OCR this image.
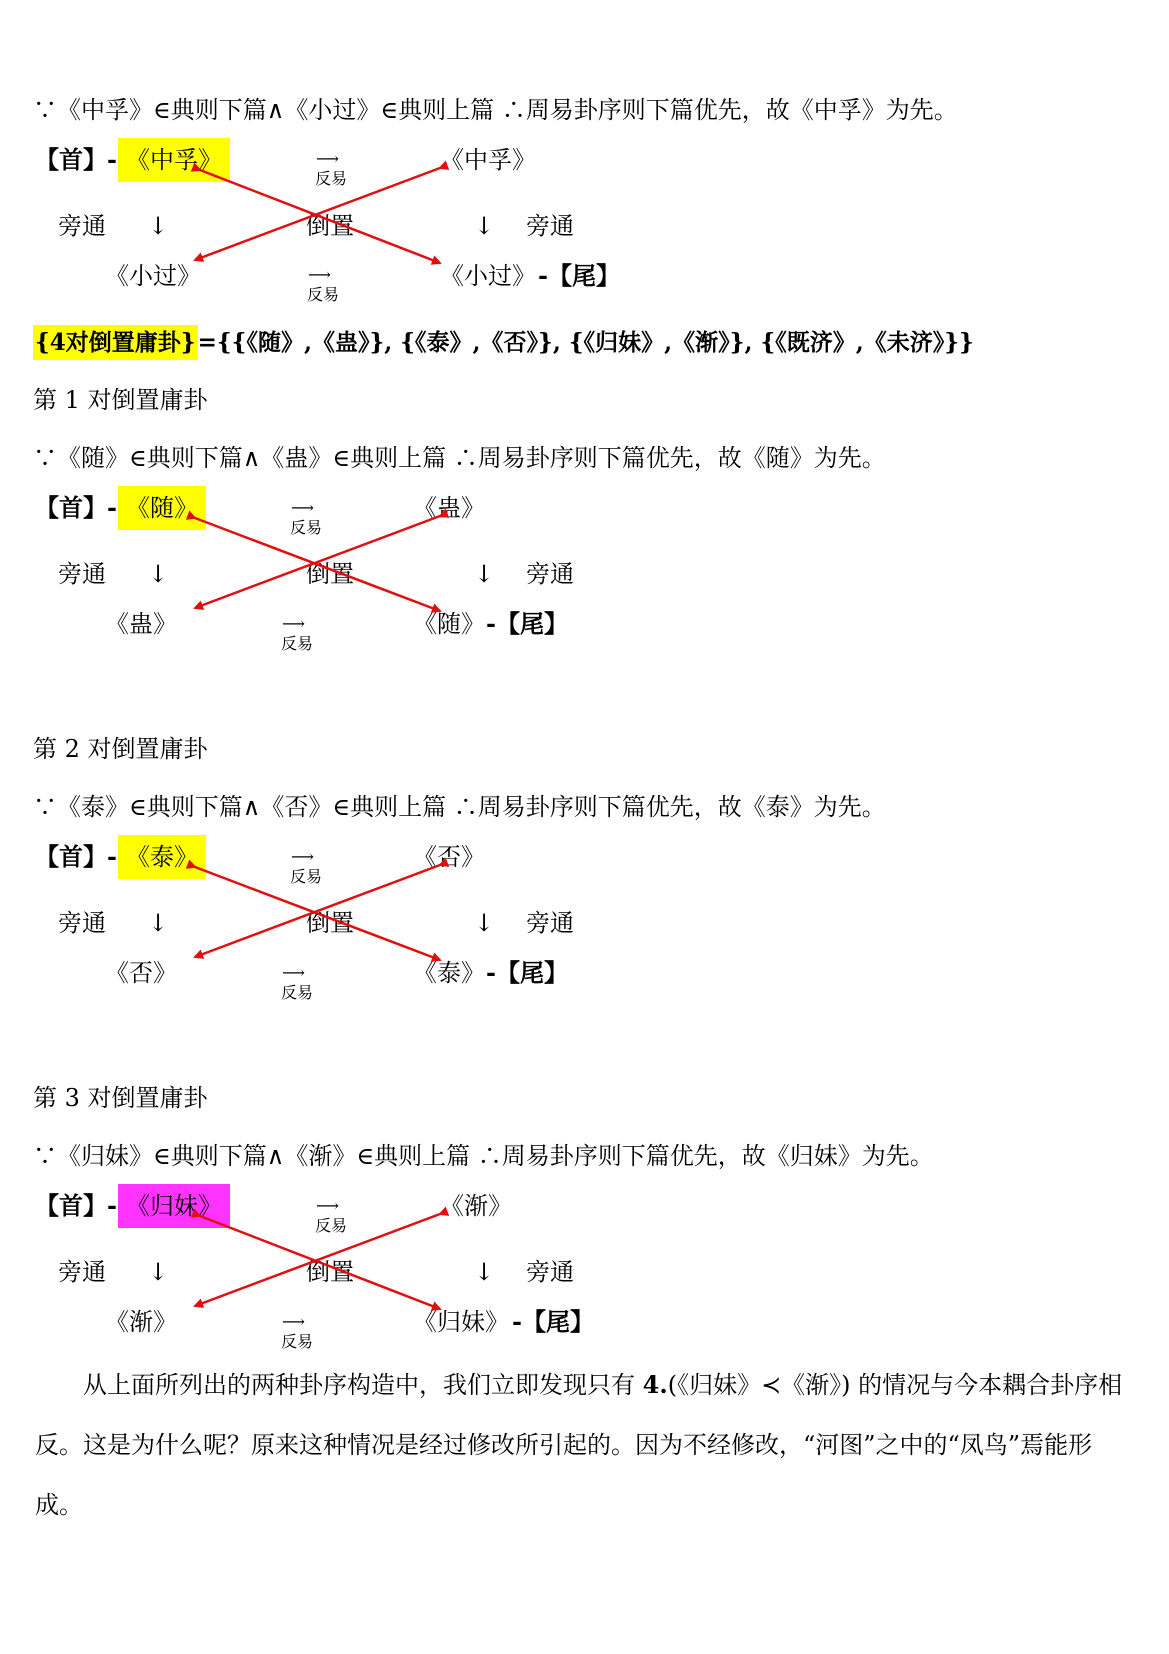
∵《中孚》∈典则下篇∧《小过》∈典则上篇 ∴周易卦序则下篇优先，故《中孚》为先。
【首】- 《中孚》	⟶
反易
《中孚》
旁通 ↓	倒置	↓ 旁通
《小过》	⟶
反易
《小过》 -【尾】
{4对倒置庸卦}={{《随》,《蛊》}, {《泰》,《否》}, {《归妹》,《渐》}, {《既济》,《未济》}}
第 1 对倒置庸卦
∵《随》∈典则下篇∧《蛊》∈典则上篇 ∴周易卦序则下篇优先，故《随》为先。
【首】- 《随》	⟶
反易
《蛊》
旁通 ↓	倒置	↓ 旁通
《蛊》	⟶
反易
《随》 -【尾】
第 2 对倒置庸卦
∵《泰》∈典则下篇∧《否》∈典则上篇 ∴周易卦序则下篇优先，故《泰》为先。
【首】- 《泰》	⟶
反易
《否》
旁通 ↓	倒置	↓ 旁通
《否》	⟶
反易
《泰》 -【尾】
第 3 对倒置庸卦
∵《归妹》∈典则下篇∧《渐》∈典则上篇 ∴周易卦序则下篇优先，故《归妹》为先。
【首】- 《归妹》	⟶
反易
《渐》
旁通 ↓	倒置	↓ 旁通
《渐》	⟶
反易
《归妹》 -【尾】
从上面所列出的两种卦序构造中，我们立即发现只有 4.(《归妹》≺《渐》) 的情况与今本耦合卦序相反。这是为什么呢？原来这种情况是经过修改所引起的。因为不经修改，“河图”之中的“凤鸟”焉能形成。
